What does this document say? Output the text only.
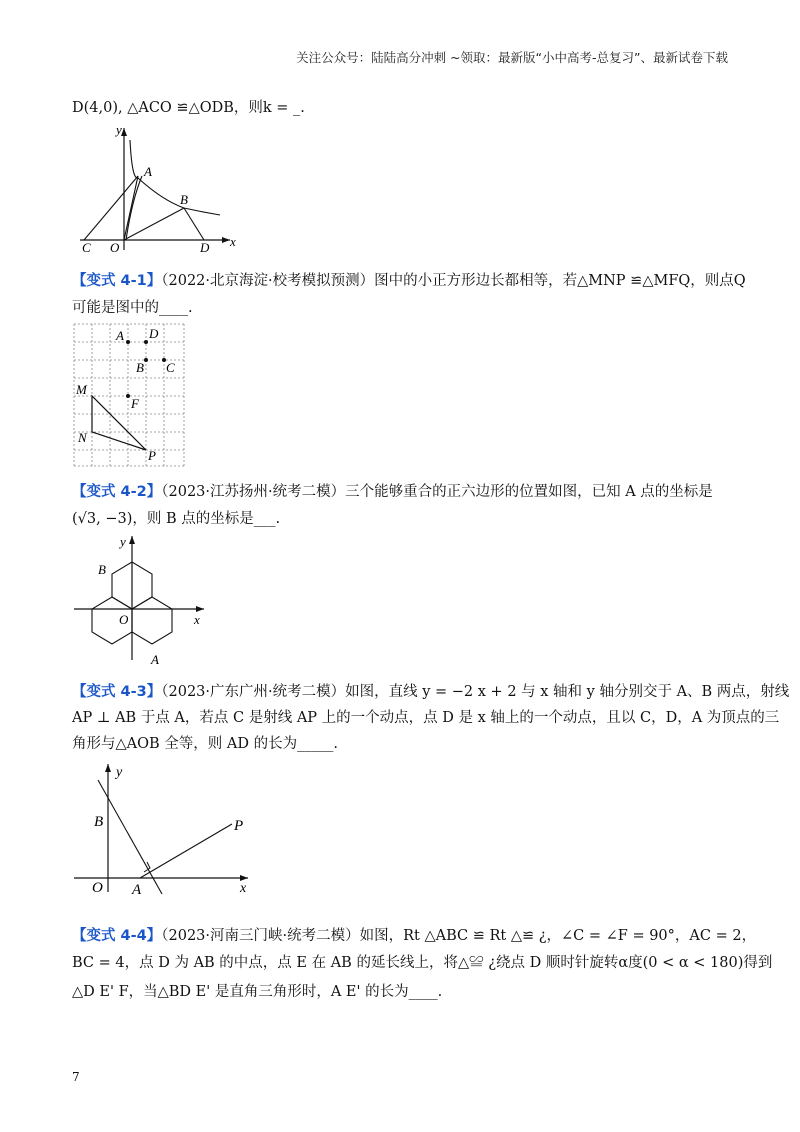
关注公众号：陆陆高分冲刺 ~领取：最新版“小中高考-总复习”、最新试卷下载
D(4,0), △ACO ≌△ODB，则k = _.
y
x
A
B
C O	D
【变式 4-1】（2022·北京海淀·校考模拟预测）图中的小正方形边长都相等，若△MNP ≌△MFQ，则点Q
可能是图中的____.
A D
B C
M
F
N
P
【变式 4-2】（2023·江苏扬州·统考二模）三个能够重合的正六边形的位置如图，已知 A 点的坐标是
(√3, −3)，则 B 点的坐标是___.
y
x
B
O
A
【变式 4-3】（2023·广东广州·统考二模）如图，直线 y = −2 x + 2 与 x 轴和 y 轴分别交于 A、B 两点，射线
AP ⊥ AB 于点 A，若点 C 是射线 AP 上的一个动点，点 D 是 x 轴上的一个动点，且以 C，D，A 为顶点的三
角形与△AOB 全等，则 AD 的长为_____.
y
x
B
O A
P
【变式 4-4】（2023·河南三门峡·统考二模）如图，Rt △ABC ≌ Rt △≌ ¿，∠C = ∠F = 90°，AC = 2，
BC = 4，点 D 为 AB 的中点，点 E 在 AB 的延长线上，将△≌ ¿绕点 D 顺时针旋转α度(0 < α < 180)得到
△D E' F，当△BD E' 是直角三角形时，A E' 的长为____.
7
